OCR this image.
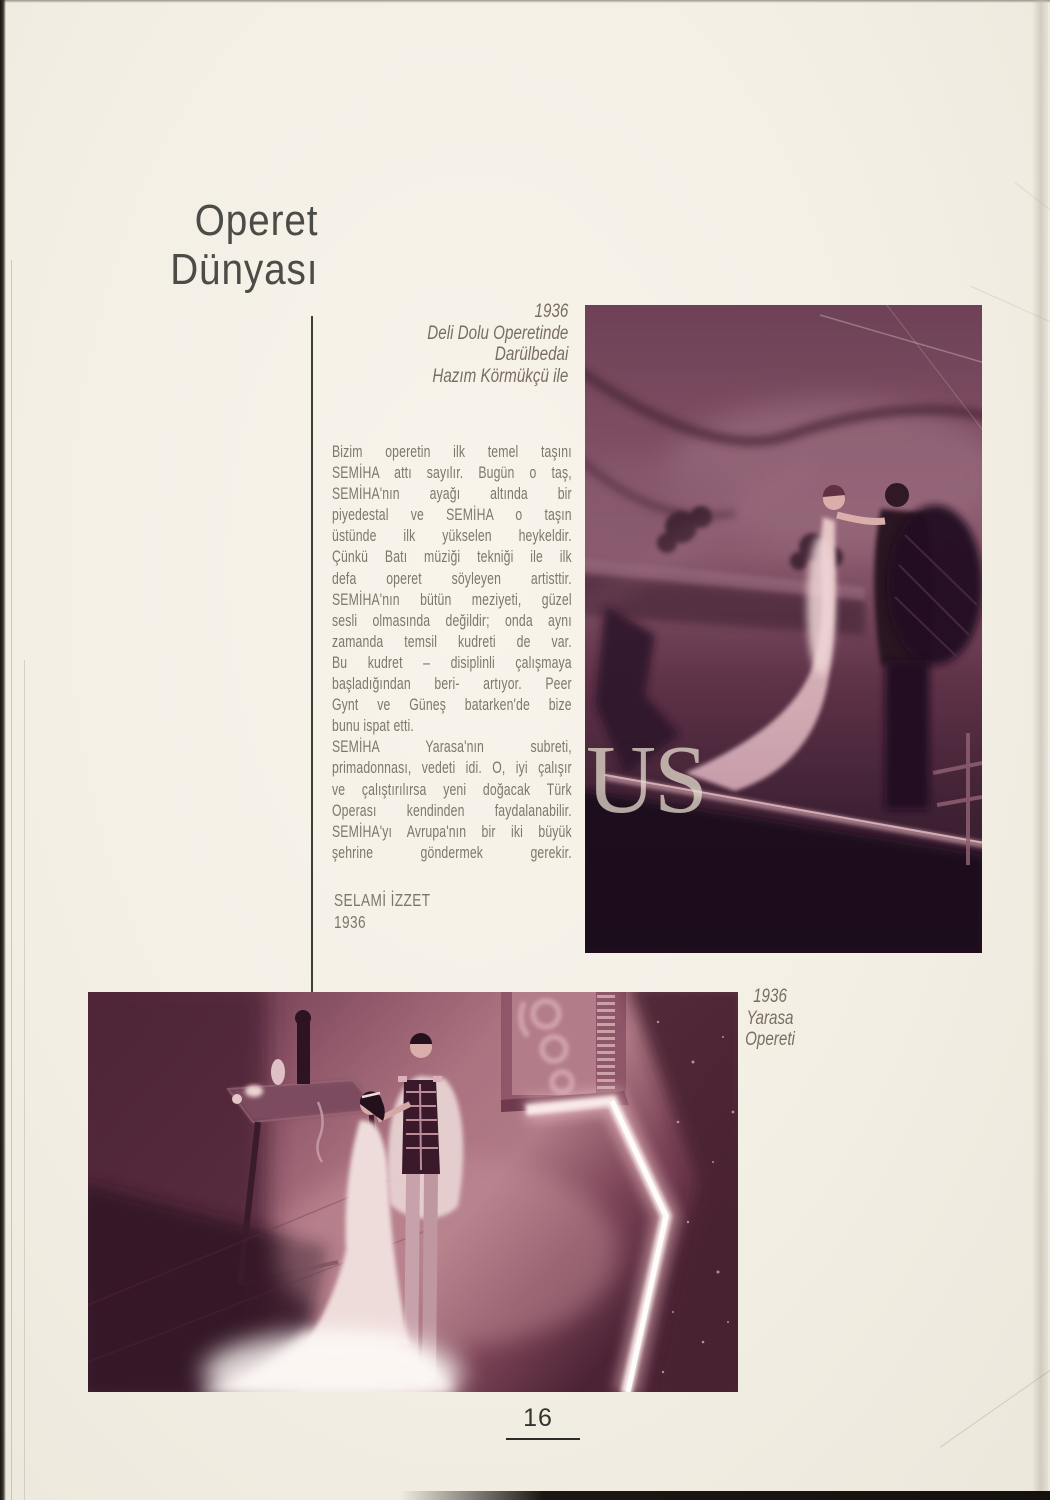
Operet
Dünyası
1936
Deli Dolu Operetinde
Darülbedai
Hazım Körmükçü ile
Bizim operetin ilk temel taşını
SEMİHA attı sayılır. Bugün o taş,
SEMİHA'nın ayağı altında bir
piyedestal ve SEMİHA o taşın
üstünde ilk yükselen heykeldir.
Çünkü Batı müziği tekniği ile ilk
defa operet söyleyen artisttir.
SEMİHA'nın bütün meziyeti, güzel
sesli olmasında değildir; onda aynı
zamanda temsil kudreti de var.
Bu kudret – disiplinli çalışmaya
başladığından beri- artıyor. Peer
Gynt ve Güneş batarken'de bize
bunu ispat etti.
SEMİHA Yarasa'nın subreti,
primadonnası, vedeti idi. O, iyi çalışır
ve çalıştırılırsa yeni doğacak Türk
Operası kendinden faydalanabilir.
SEMİHA'yı Avrupa'nın bir iki büyük
şehrine göndermek gerekir.
SELAMİ İZZET
1936
US
1936
Yarasa
Opereti
16
